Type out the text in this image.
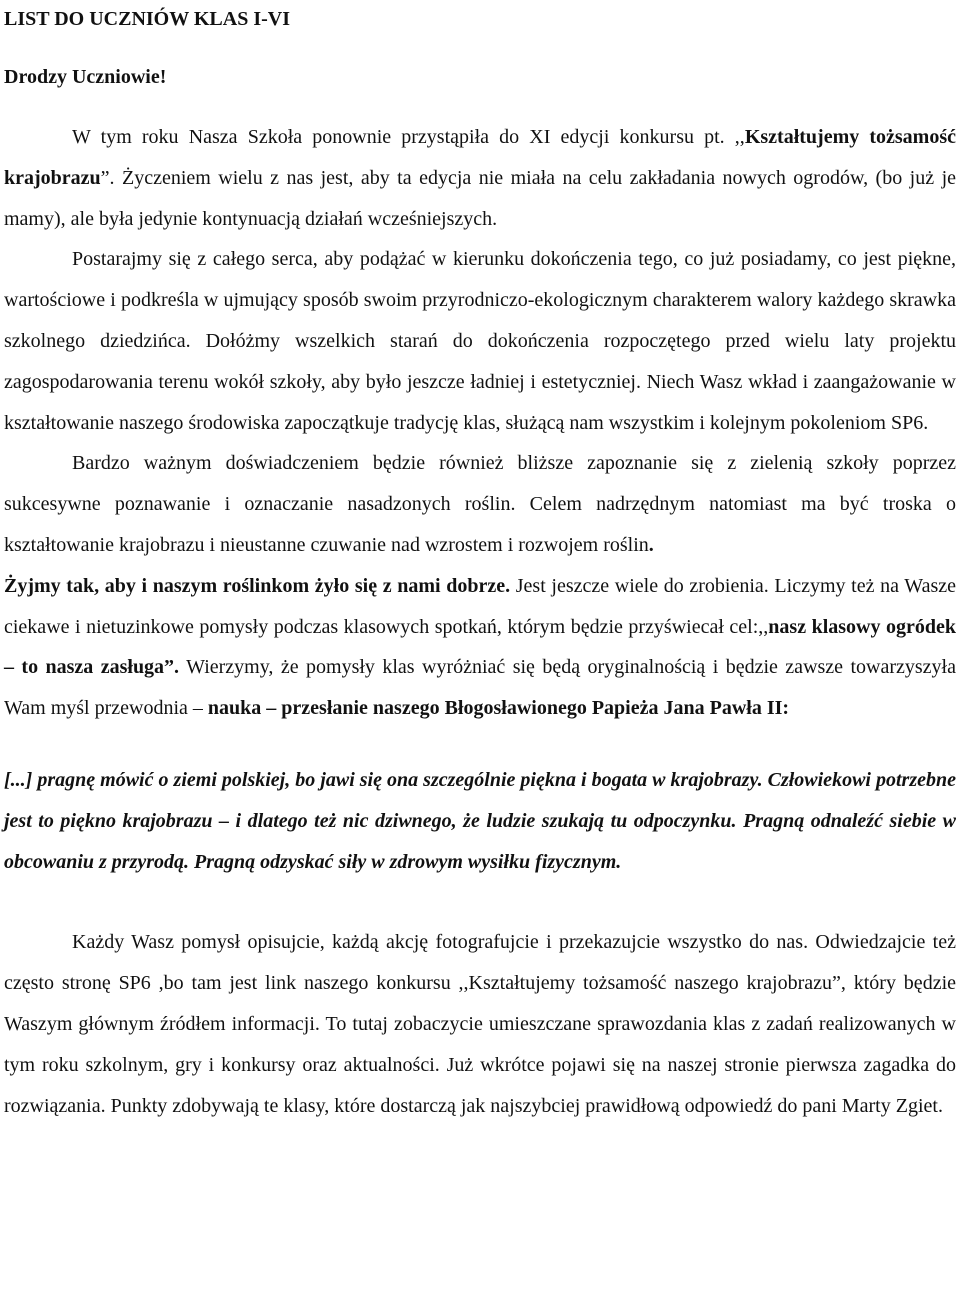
LIST DO UCZNIÓW KLAS I-VI
Drodzy Uczniowie!

W tym roku Nasza Szkoła ponownie przystąpiła do XI edycji konkursu pt. ,,Kształtujemy tożsamość krajobrazu”. Życzeniem wielu z nas jest, aby ta edycja nie miała na celu zakładania nowych ogrodów, (bo już je mamy), ale była jedynie kontynuacją działań wcześniejszych.
Postarajmy się z całego serca, aby podążać w kierunku dokończenia tego, co już posiadamy, co jest piękne, wartościowe i podkreśla w ujmujący sposób swoim przyrodniczo-ekologicznym charakterem walory każdego skrawka szkolnego dziedzińca. Dołóżmy wszelkich starań do dokończenia rozpoczętego przed wielu laty projektu zagospodarowania terenu wokół szkoły, aby było jeszcze ładniej i estetyczniej. Niech Wasz wkład i zaangażowanie w kształtowanie naszego środowiska zapoczątkuje tradycję klas, służącą nam wszystkim i kolejnym pokoleniom SP6.

Bardzo ważnym doświadczeniem będzie również bliższe zapoznanie się z zielenią szkoły poprzez sukcesywne poznawanie i oznaczanie nasadzonych roślin. Celem nadrzędnym natomiast ma być troska o kształtowanie krajobrazu i nieustanne czuwanie nad wzrostem i rozwojem roślin.
Żyjmy tak, aby i naszym roślinkom żyło się z nami dobrze. Jest jeszcze wiele do zrobienia. Liczymy też na Wasze ciekawe i nietuzinkowe pomysły podczas klasowych spotkań, którym będzie przyświecał cel:,,nasz klasowy ogródek – to nasza zasługa”. Wierzymy, że pomysły klas wyróżniać się będą oryginalnością i będzie zawsze towarzyszyła Wam myśl przewodnia – nauka – przesłanie naszego Błogosławionego Papieża Jana Pawła II:

[...] pragnę mówić o ziemi polskiej, bo jawi się ona szczególnie piękna i bogata w krajobrazy. Człowiekowi potrzebne jest to piękno krajobrazu – i dlatego też nic dziwnego, że ludzie szukają tu odpoczynku. Pragną odnaleźć siebie w obcowaniu z przyrodą. Pragną odzyskać siły w zdrowym wysiłku fizycznym.

Każdy Wasz pomysł opisujcie, każdą akcję fotografujcie i przekazujcie wszystko do nas. Odwiedzajcie też często stronę SP6 ,bo tam jest link naszego konkursu ,,Kształtujemy tożsamość naszego krajobrazu”, który będzie Waszym głównym źródłem informacji. To tutaj zobaczycie umieszczane sprawozdania klas z zadań realizowanych w tym roku szkolnym, gry i konkursy oraz aktualności. Już wkrótce pojawi się na naszej stronie pierwsza zagadka do rozwiązania. Punkty zdobywają te klasy, które dostarczą jak najszybciej prawidłową odpowiedź do pani Marty Zgiet.
